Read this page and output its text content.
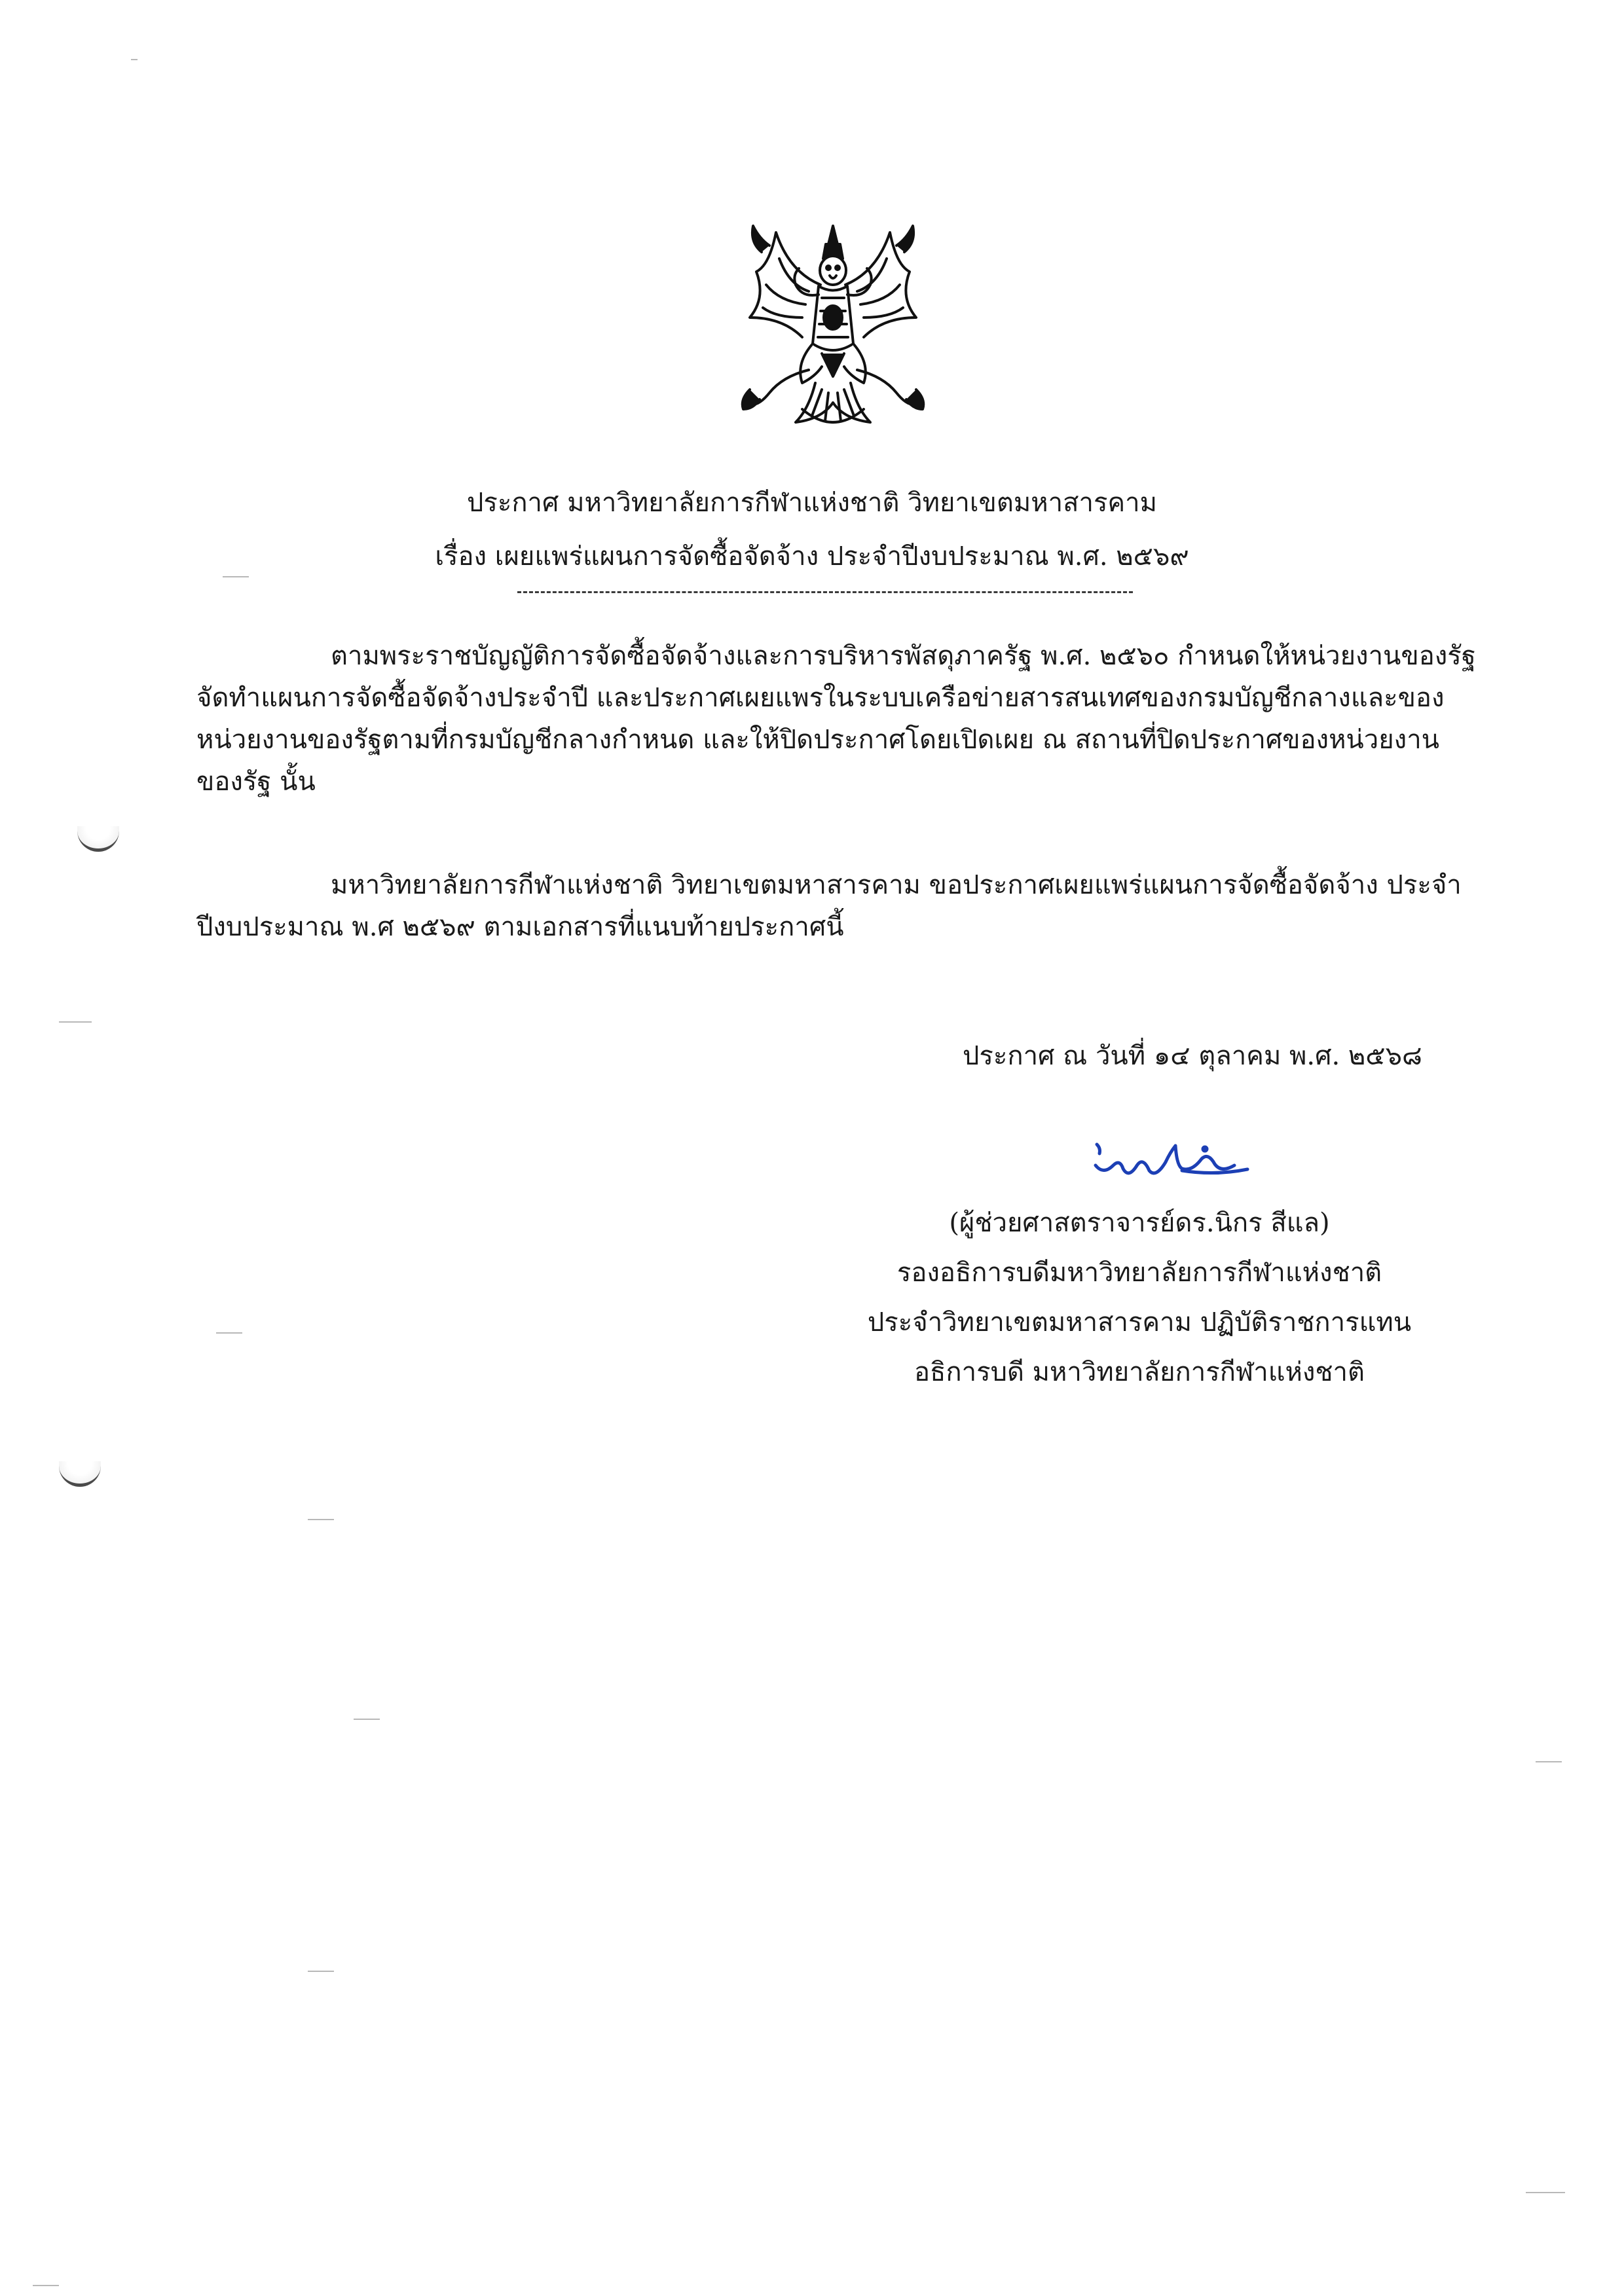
ประกาศ มหาวิทยาลัยการกีฬาแห่งชาติ วิทยาเขตมหาสารคาม
เรื่อง เผยแพร่แผนการจัดซื้อจัดจ้าง ประจำปีงบประมาณ พ.ศ. ๒๕๖๙
ตามพระราชบัญญัติการจัดซื้อจัดจ้างและการบริหารพัสดุภาครัฐ พ.ศ. ๒๕๖๐ กำหนดให้หน่วยงานของรัฐ
จัดทำแผนการจัดซื้อจัดจ้างประจำปี และประกาศเผยแพรในระบบเครือข่ายสารสนเทศของกรมบัญชีกลางและของ
หน่วยงานของรัฐตามที่กรมบัญชีกลางกำหนด และให้ปิดประกาศโดยเปิดเผย ณ สถานที่ปิดประกาศของหน่วยงาน
ของรัฐ นั้น
มหาวิทยาลัยการกีฬาแห่งชาติ วิทยาเขตมหาสารคาม ขอประกาศเผยแพร่แผนการจัดซื้อจัดจ้าง ประจำ
ปีงบประมาณ พ.ศ ๒๕๖๙ ตามเอกสารที่แนบท้ายประกาศนี้
ประกาศ ณ วันที่ ๑๔ ตุลาคม พ.ศ. ๒๕๖๘
(ผู้ช่วยศาสตราจารย์ดร.นิกร สีแล)
รองอธิการบดีมหาวิทยาลัยการกีฬาแห่งชาติ
ประจำวิทยาเขตมหาสารคาม ปฏิบัติราชการแทน
อธิการบดี มหาวิทยาลัยการกีฬาแห่งชาติ
